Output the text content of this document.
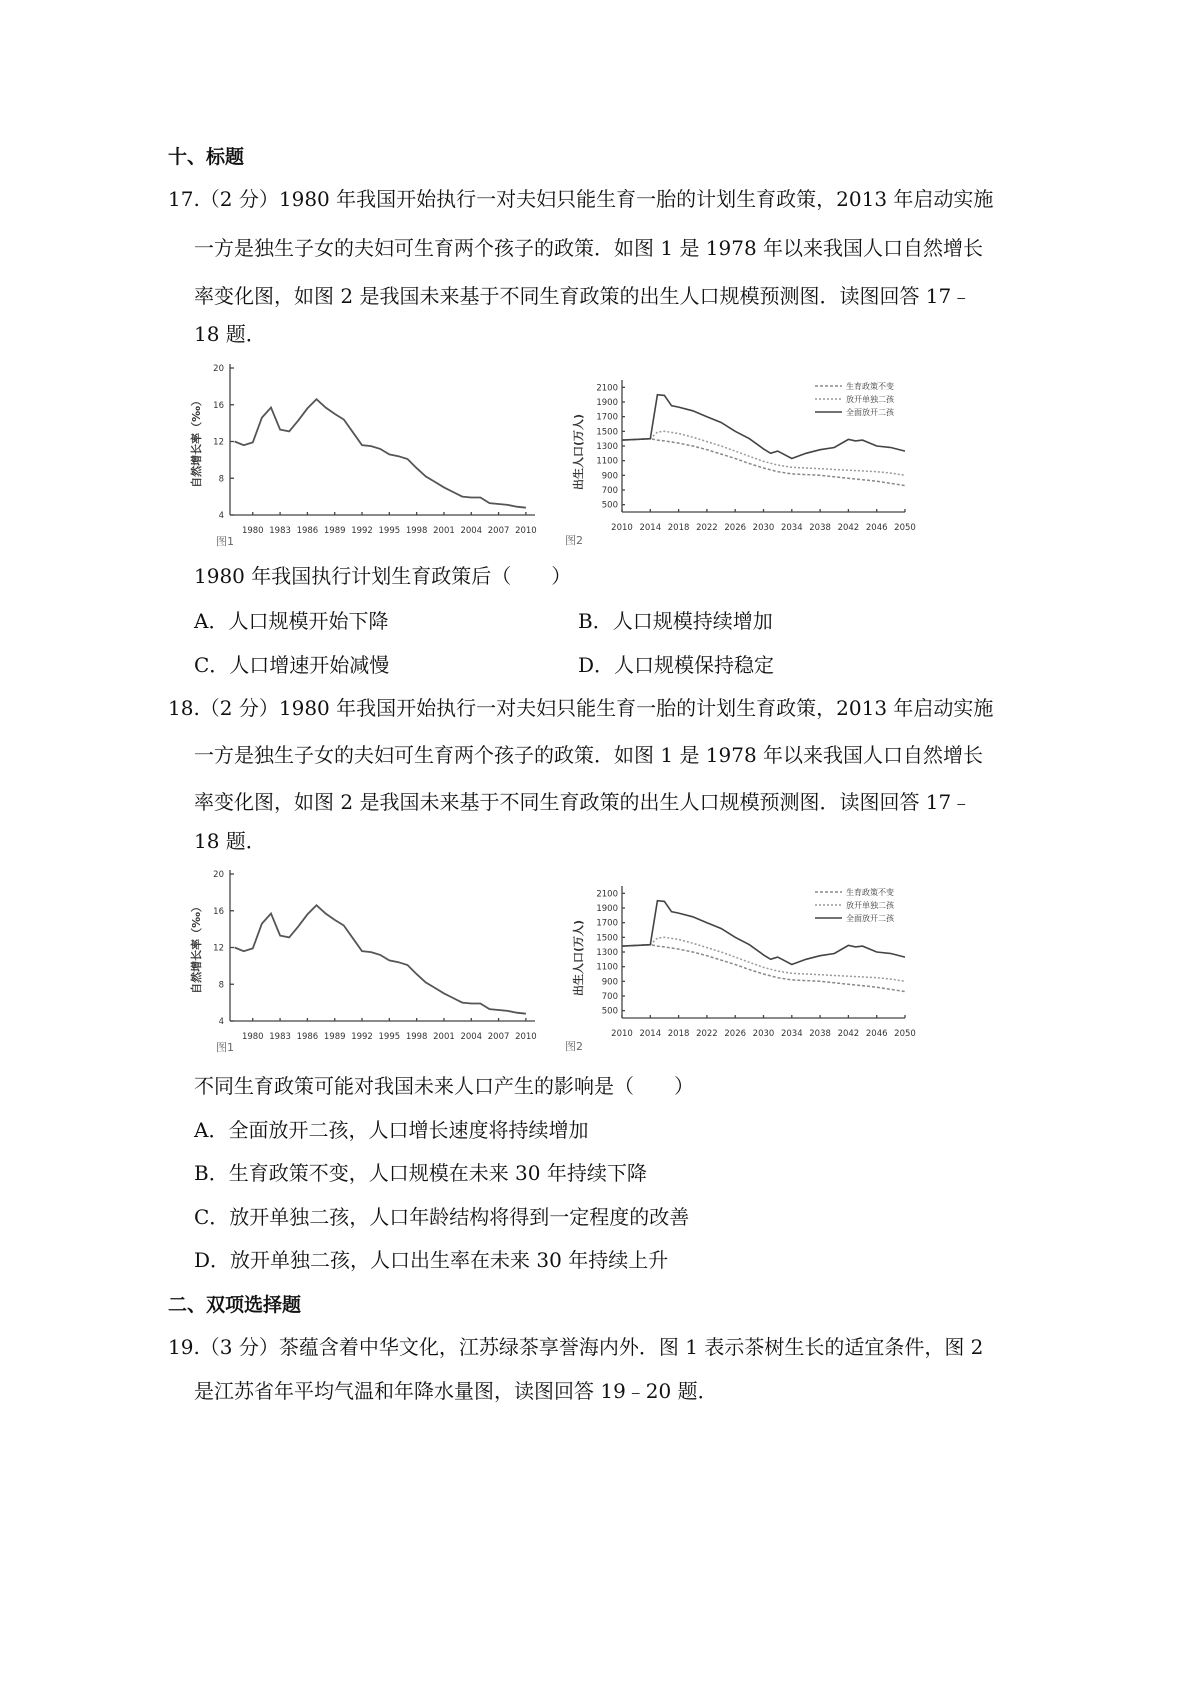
十、标题
17.（2 分）1980 年我国开始执行一对夫妇只能生育一胎的计划生育政策，2013 年启动实施
一方是独生子女的夫妇可生育两个孩子的政策．如图 1 是 1978 年以来我国人口自然增长
率变化图，如图 2 是我国未来基于不同生育政策的出生人口规模预测图．读图回答 17﹣
18 题．
4
8
12
16
20
1980 1983 1986 1989 1992 1995 1998 2001 2004 2007 2010
自然增长率（‰）
图1
500
700
900
1100
1300
1500
1700
1900
2100
2010 2014 2018 2022 2026 2030 2034 2038 2042 2046 2050
出生人口(万人)
生育政策不变
放开单独二孩
全面放开二孩
图2
1980 年我国执行计划生育政策后（　　）
A．人口规模开始下降	B．人口规模持续增加
C．人口增速开始减慢	D．人口规模保持稳定
18.（2 分）1980 年我国开始执行一对夫妇只能生育一胎的计划生育政策，2013 年启动实施
一方是独生子女的夫妇可生育两个孩子的政策．如图 1 是 1978 年以来我国人口自然增长
率变化图，如图 2 是我国未来基于不同生育政策的出生人口规模预测图．读图回答 17﹣
18 题．
4
8
12
16
20
1980 1983 1986 1989 1992 1995 1998 2001 2004 2007 2010
自然增长率（‰）
图1
500
700
900
1100
1300
1500
1700
1900
2100
2010 2014 2018 2022 2026 2030 2034 2038 2042 2046 2050
出生人口(万人)
生育政策不变
放开单独二孩
全面放开二孩
图2
不同生育政策可能对我国未来人口产生的影响是（　　）
A．全面放开二孩，人口增长速度将持续增加
B．生育政策不变，人口规模在未来 30 年持续下降
C．放开单独二孩，人口年龄结构将得到一定程度的改善
D．放开单独二孩，人口出生率在未来 30 年持续上升
二、双项选择题
19.（3 分）茶蕴含着中华文化，江苏绿茶享誉海内外．图 1 表示茶树生长的适宜条件，图 2
是江苏省年平均气温和年降水量图，读图回答 19﹣20 题．
